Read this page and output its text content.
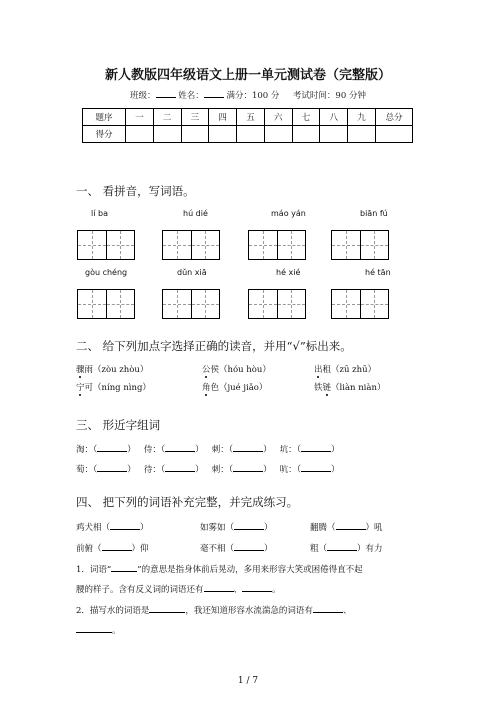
新人教版四年级语文上册一单元测试卷（完整版）
班级：	姓名：	满分：100 分 考试时间：90 分钟
题序	一	二	三	四	五	六	七	八	九	总分
得分										
一、 看拼音，写词语。
lí ba	hú dié	máo yán	biān fú
gòu chéng	dǔn xiā	hé xié	hé tān
二、 给下列加点字选择正确的读音，并用“√”标出来。
骤雨（zòu zhòu）	公侯（hóu hòu）	出租（zū zhū）
宁可（níng nìng）	角色（jué jiǎo）	铁链（liàn niàn）
三、 形近字组词
淘：（	）   侍：（	）   刺：（	）   坑：（	）
萄：（	）   待：（	）   刺：（	）   吭：（	）
四、 把下列的词语补充完整，并完成练习。
鸡犬相（	）	如雾如（	）	翻腾（	）吼
前俯（	）仰	毫不相（	）	粗（	）有力
1．词语“	”的意思是指身体前后晃动，多用来形容大笑或困倦得直不起
腰的样子。含有反义词的词语还有	、	。
2．描写水的词语是	，我还知道形容水流湍急的词语有	、
。
1 / 7
